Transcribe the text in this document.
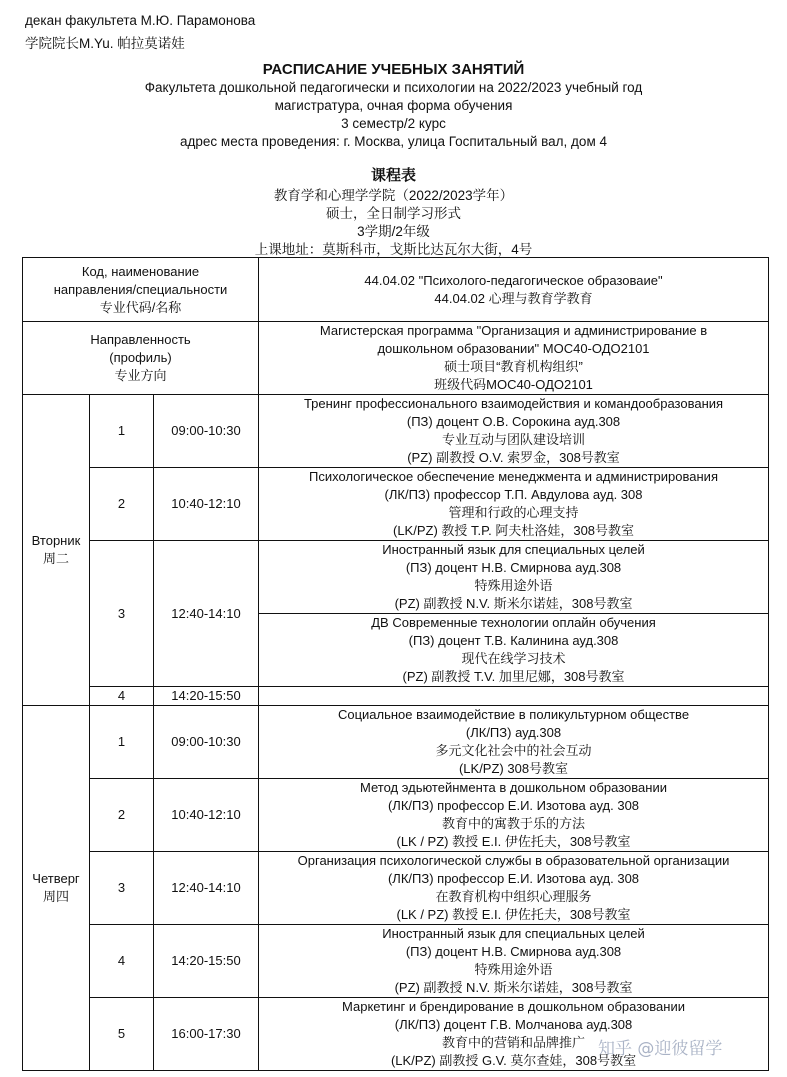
декан факультета М.Ю. Парамонова
学院院长M.Yu. 帕拉莫诺娃
РАСПИСАНИЕ УЧЕБНЫХ ЗАНЯТИЙ
Факультета дошкольной педагогически и психологии на 2022/2023 учебный год
магистратура, очная форма обучения
3 семестр/2 курс
адрес места проведения: г. Москва, улица Госпитальный вал, дом 4
课程表
教育学和心理学学院（2022/2023学年）
硕士，全日制学习形式
3学期/2年级
上课地址：莫斯科市，戈斯比达瓦尔大街，4号
Код, наименование
направления/специальности
专业代码/名称			44.04.02 "Психолого-педагогическое образоваие"
44.04.02 心理与教育学教育

Направленность
(профиль)
专业方向			Магистерская программа "Организация и администрирование в
дошкольном образовании" МОС40-ОДО2101
硕士项目“教育机构组织”
班级代码МОС40-ОДО2101

Вторник
周二	1	09:00-10:30	Тренинг профессионального взаимодействия и командообразования
(ПЗ) доцент О.В. Сорокина ауд.308
专业互动与团队建设培训
(PZ) 副教授 O.V. 索罗金，308号教室

	2	10:40-12:10	Психологическое обеспечение менеджмента и администрирования
(ЛК/ПЗ) профессор Т.П. Авдулова ауд. 308
管理和行政的心理支持
(LK/PZ) 教授 T.P. 阿夫杜洛娃，308号教室

	3	12:40-14:10	Иностранный язык для специальных целей
(ПЗ) доцент Н.В. Смирнова ауд.308
特殊用途外语
(PZ) 副教授 N.V. 斯米尔诺娃，308号教室

			ДВ Современные технологии оплайн обучения
(ПЗ) доцент Т.В. Калинина ауд.308
现代在线学习技术
(PZ) 副教授 T.V. 加里尼娜，308号教室

	4	14:20-15:50	

Четверг
周四	1	09:00-10:30	Социальное взаимодействие в поликультурном обществе
(ЛК/ПЗ) ауд.308
多元文化社会中的社会互动
(LK/PZ) 308号教室

	2	10:40-12:10	Метод эдьютейнмента в дошкольном образовании
(ЛК/ПЗ) профессор Е.И. Изотова ауд. 308
教育中的寓教于乐的方法
(LK / PZ) 教授 E.I. 伊佐托夫，308号教室

	3	12:40-14:10	Организация психологической службы в образовательной организации
(ЛК/ПЗ) профессор Е.И. Изотова ауд. 308
在教育机构中组织心理服务
(LK / PZ) 教授 E.I. 伊佐托夫，308号教室

	4	14:20-15:50	Иностранный язык для специальных целей
(ПЗ) доцент Н.В. Смирнова ауд.308
特殊用途外语
(PZ) 副教授 N.V. 斯米尔诺娃，308号教室

	5	16:00-17:30	Маркетинг и брендирование в дошкольном образовании
(ЛК/ПЗ) доцент Г.В. Молчанова ауд.308
教育中的营销和品牌推广
(LK/PZ) 副教授 G.V. 莫尔查娃，308号教室
知乎 @迎彼留学
